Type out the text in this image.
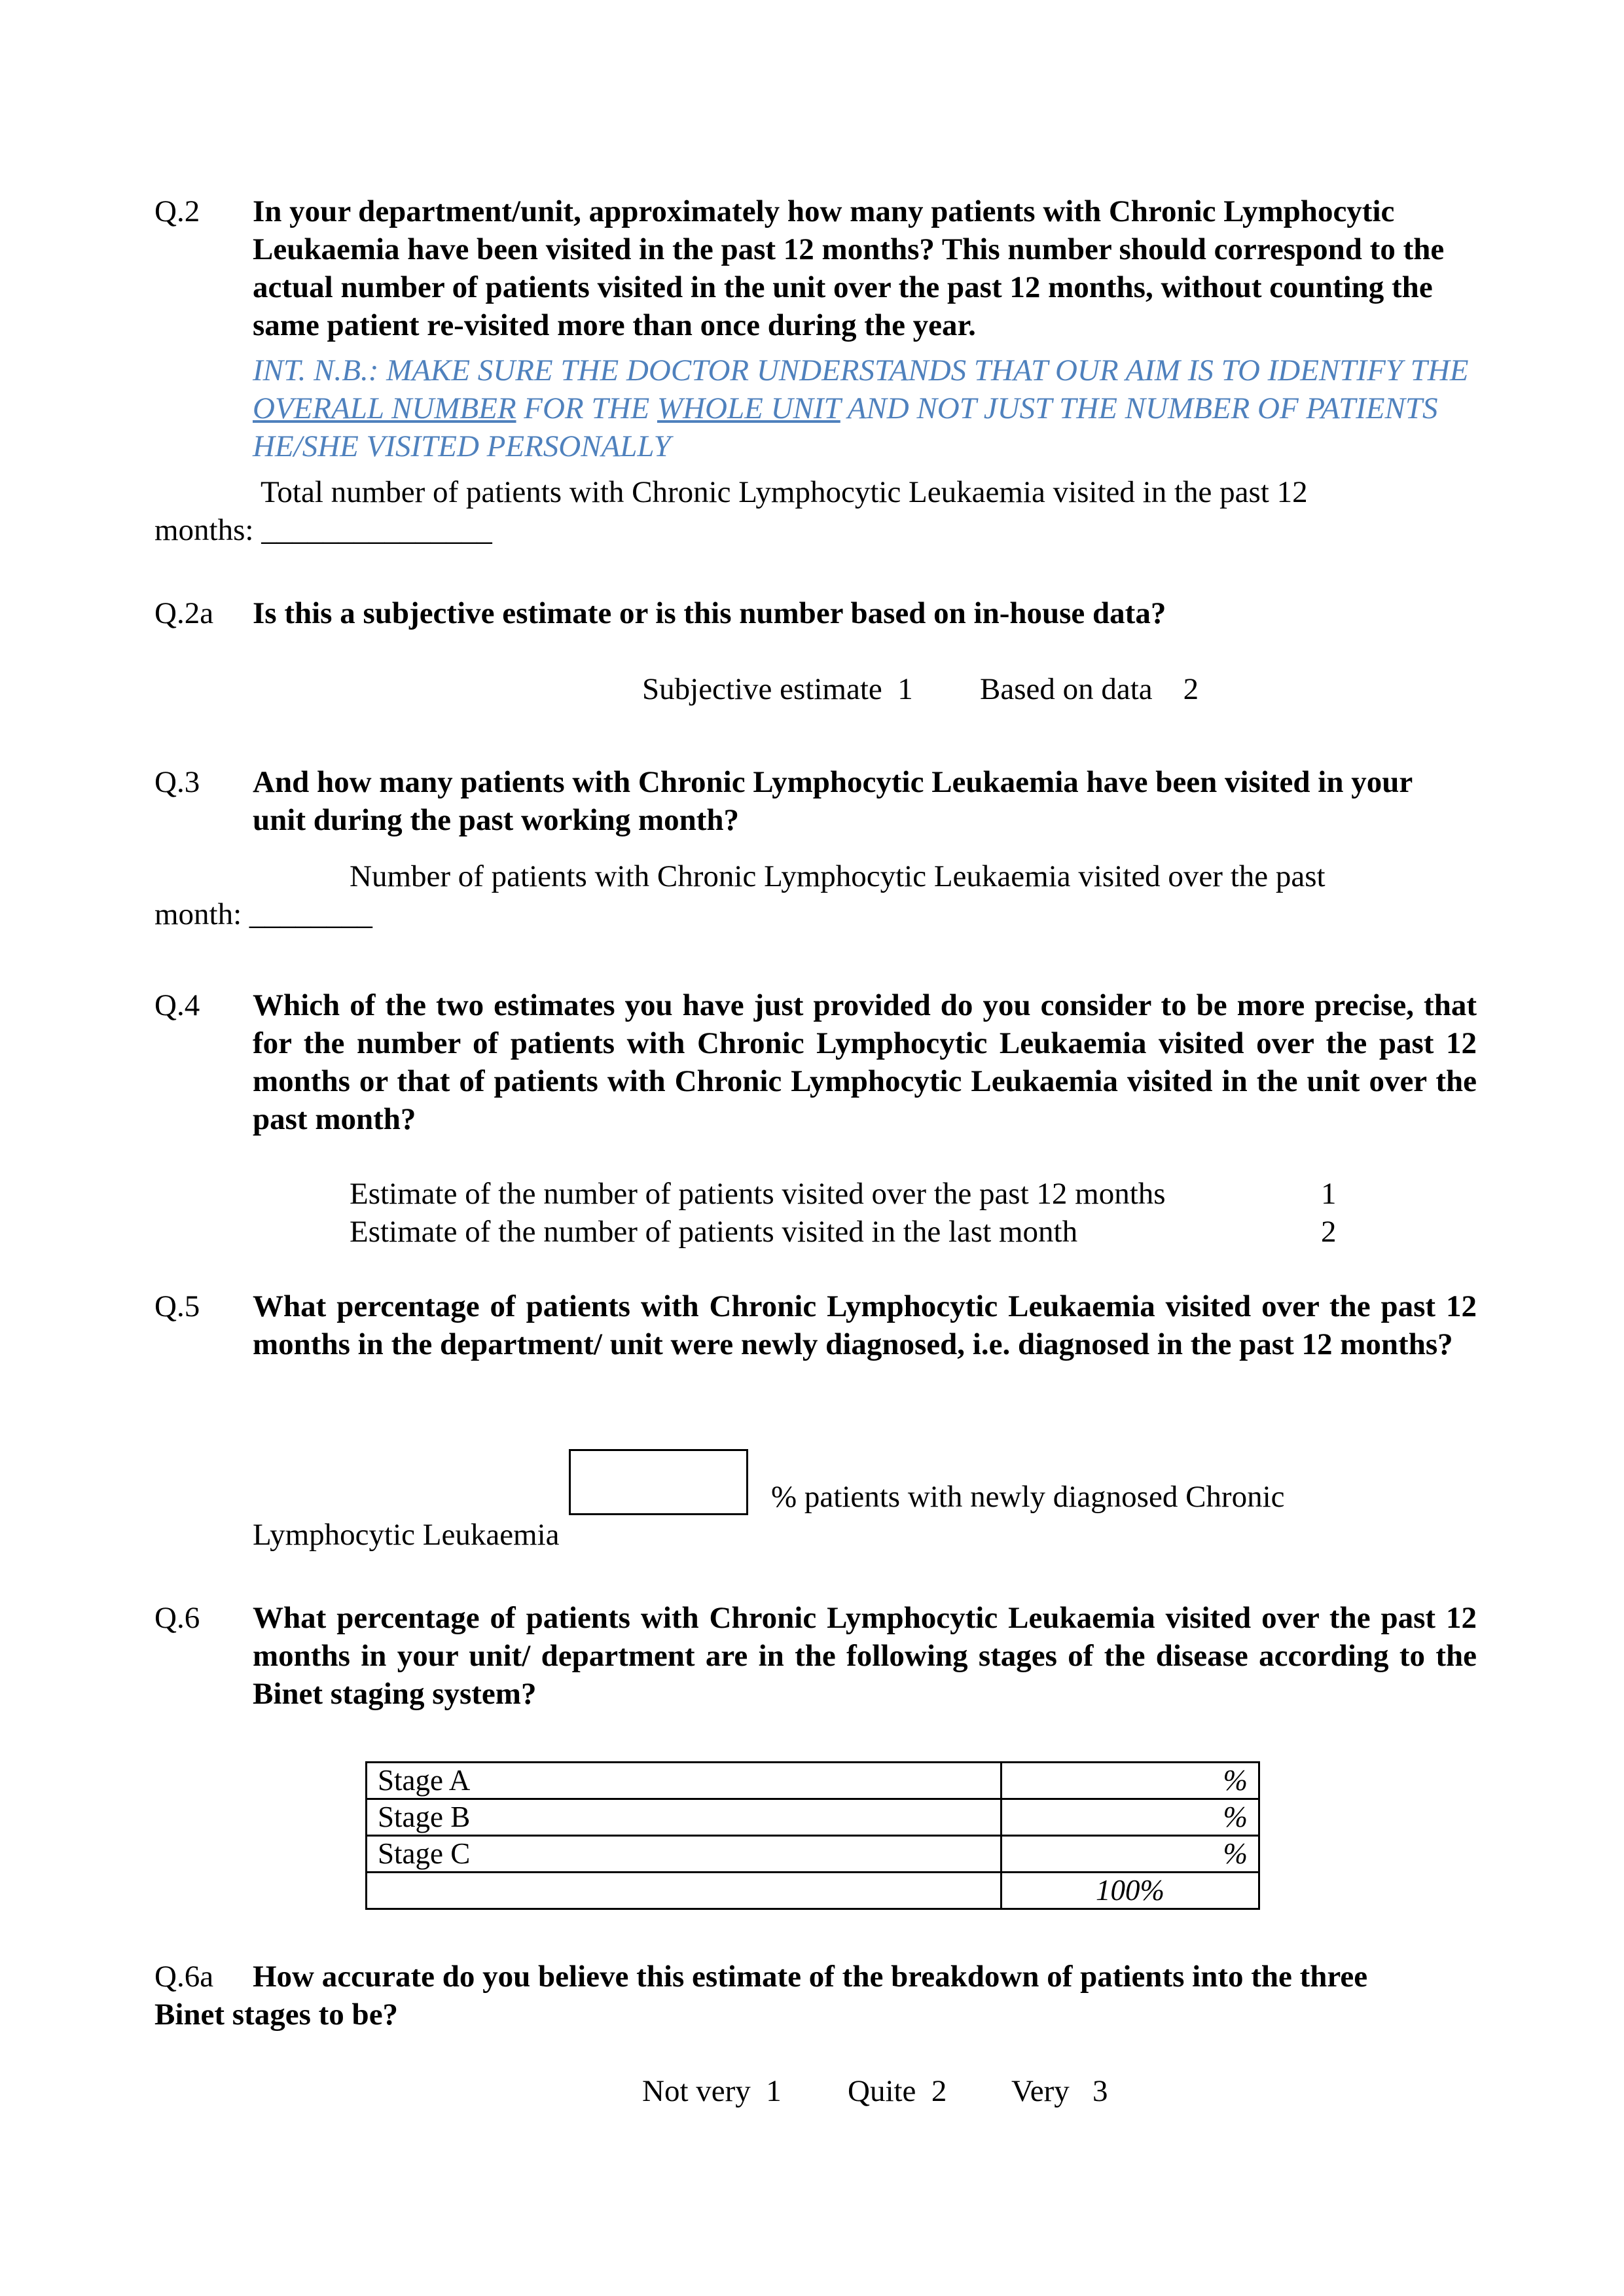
Q.2 In your department/unit, approximately how many patients with Chronic Lymphocytic Leukaemia have been visited in the past 12 months? This number should correspond to the actual number of patients visited in the unit over the past 12 months, without counting the same patient re-visited more than once during the year.
INT. N.B.: MAKE SURE THE DOCTOR UNDERSTANDS THAT OUR AIM IS TO IDENTIFY THE OVERALL NUMBER FOR THE WHOLE UNIT AND NOT JUST THE NUMBER OF PATIENTS HE/SHE VISITED PERSONALLY
Total number of patients with Chronic Lymphocytic Leukaemia visited in the past 12
months: _______________
Q.2a Is this a subjective estimate or is this number based on in-house data?
Subjective estimate 1 Based on data 2
Q.3 And how many patients with Chronic Lymphocytic Leukaemia have been visited in your unit during the past working month?
Number of patients with Chronic Lymphocytic Leukaemia visited over the past
month: ________
Q.4 Which of the two estimates you have just provided do you consider to be more precise, that for the number of patients with Chronic Lymphocytic Leukaemia visited over the past 12 months or that of patients with Chronic Lymphocytic Leukaemia visited in the unit over the past month?
Estimate of the number of patients visited over the past 12 months	1
Estimate of the number of patients visited in the last month	2
Q.5 What percentage of patients with Chronic Lymphocytic Leukaemia visited over the past 12 months in the department/ unit were newly diagnosed, i.e. diagnosed in the past 12 months?
% patients with newly diagnosed Chronic
Lymphocytic Leukaemia
Q.6 What percentage of patients with Chronic Lymphocytic Leukaemia visited over the past 12 months in your unit/ department are in the following stages of the disease according to the Binet staging system?
Stage A	%
Stage B	%
Stage C	%
	100%
Q.6a How accurate do you believe this estimate of the breakdown of patients into the three
Binet stages to be?
Not very 1 Quite 2 Very 3
